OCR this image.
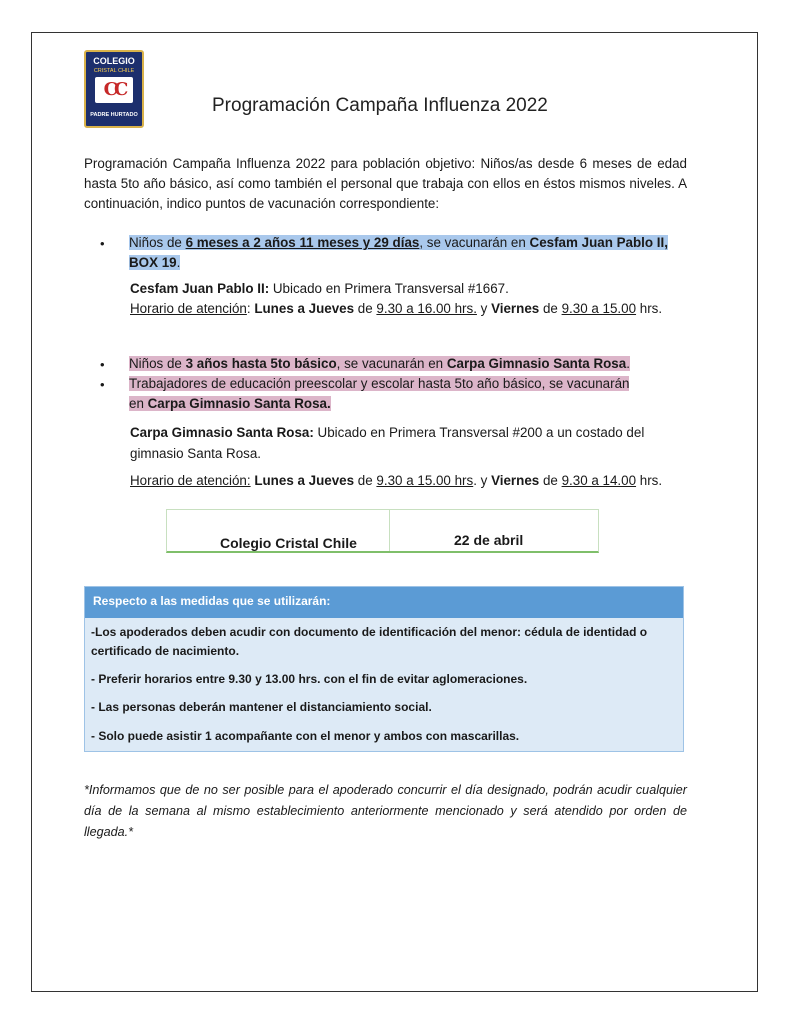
COLEGIO
CRISTAL CHILE
CC
PADRE HURTADO	Programación Campaña Influenza 2022
Programación Campaña Influenza 2022 para población objetivo: Niños/as desde 6 meses de edad hasta 5to año básico, así como también el personal que trabaja con ellos en éstos mismos niveles. A continuación, indico puntos de vacunación correspondiente:
• Niños de 6 meses a 2 años 11 meses y 29 días, se vacunarán en Cesfam Juan Pablo II,
BOX 19.
Cesfam Juan Pablo II: Ubicado en Primera Transversal #1667.
Horario de atención: Lunes a Jueves de 9.30 a 16.00 hrs. y Viernes de 9.30 a 15.00 hrs.
• Niños de 3 años hasta 5to básico, se vacunarán en Carpa Gimnasio Santa Rosa.
• Trabajadores de educación preescolar y escolar hasta 5to año básico, se vacunarán
en Carpa Gimnasio Santa Rosa.
Carpa Gimnasio Santa Rosa: Ubicado en Primera Transversal #200 a un costado del
gimnasio Santa Rosa.
Horario de atención: Lunes a Jueves de 9.30 a 15.00 hrs. y Viernes de 9.30 a 14.00 hrs.
Colegio Cristal Chile	22 de abril
Respecto a las medidas que se utilizarán:
-Los apoderados deben acudir con documento de identificación del menor: cédula de identidad o
certificado de nacimiento.
- Preferir horarios entre 9.30 y 13.00 hrs. con el fin de evitar aglomeraciones.
- Las personas deberán mantener el distanciamiento social.
- Solo puede asistir 1 acompañante con el menor y ambos con mascarillas.
*Informamos que de no ser posible para el apoderado concurrir el día designado, podrán acudir cualquier día de la semana al mismo establecimiento anteriormente mencionado y será atendido por orden de llegada.*
